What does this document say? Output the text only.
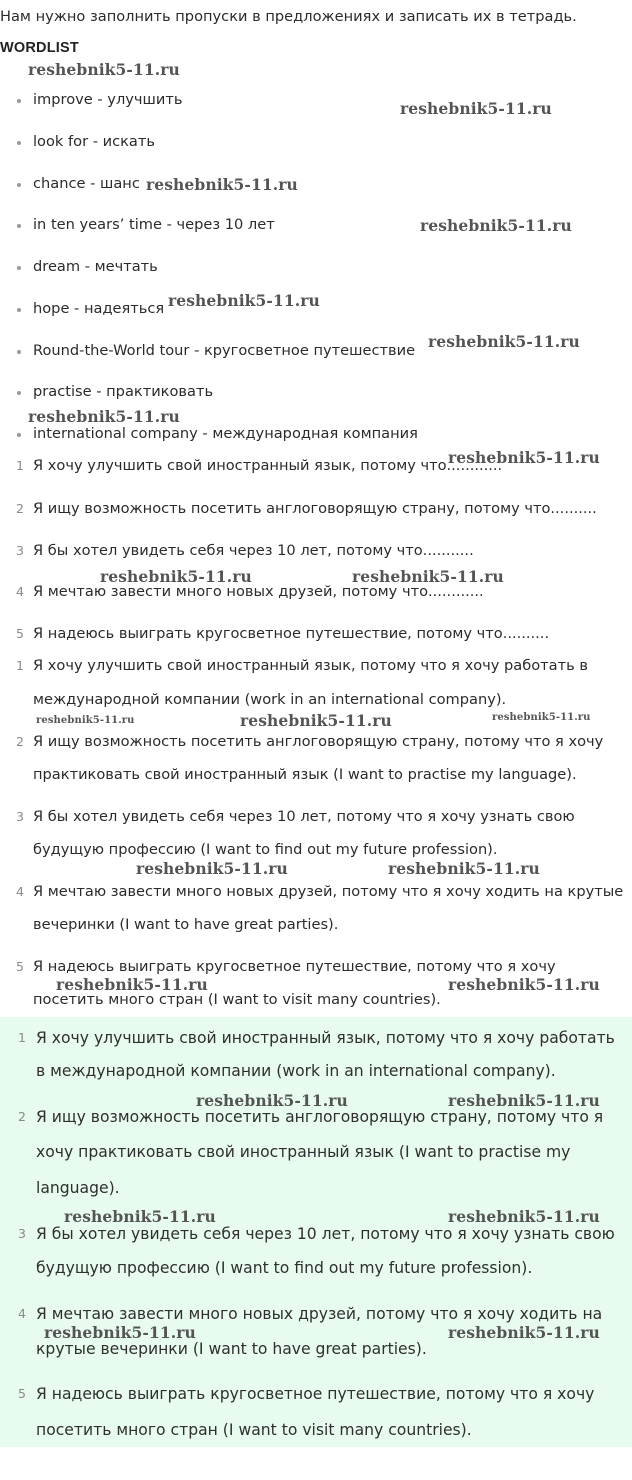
Нам нужно заполнить пропуски в предложениях и записать их в тетрадь.
WORDLIST
improve - улучшить
look for - искать
chance - шанс
in ten years’ time - через 10 лет
dream - мечтать
hope - надеяться
Round-the-World tour - кругосветное путешествие
practise - практиковать
international company - международная компания
1 Я хочу улучшить свой иностранный язык, потому что............
2 Я ищу возможность посетить англоговорящую страну, потому что..........
3 Я бы хотел увидеть себя через 10 лет, потому что...........
4 Я мечтаю завести много новых друзей, потому что............
5 Я надеюсь выиграть кругосветное путешествие, потому что..........
1 Я хочу улучшить свой иностранный язык, потому что я хочу работать в
международной компании (work in an international company).
2 Я ищу возможность посетить англоговорящую страну, потому что я хочу
практиковать свой иностранный язык (I want to practise my language).
3 Я бы хотел увидеть себя через 10 лет, потому что я хочу узнать свою
будущую профессию (I want to find out my future profession).
4 Я мечтаю завести много новых друзей, потому что я хочу ходить на крутые
вечеринки (I want to have great parties).
5 Я надеюсь выиграть кругосветное путешествие, потому что я хочу
посетить много стран (I want to visit many countries).
1 Я хочу улучшить свой иностранный язык, потому что я хочу работать
в международной компании (work in an international company).
2 Я ищу возможность посетить англоговорящую страну, потому что я
хочу практиковать свой иностранный язык (I want to practise my
language).
3 Я бы хотел увидеть себя через 10 лет, потому что я хочу узнать свою
будущую профессию (I want to find out my future profession).
4 Я мечтаю завести много новых друзей, потому что я хочу ходить на
крутые вечеринки (I want to have great parties).
5 Я надеюсь выиграть кругосветное путешествие, потому что я хочу
посетить много стран (I want to visit many countries).
reshebnik5-11.ru
reshebnik5-11.ru
reshebnik5-11.ru
reshebnik5-11.ru
reshebnik5-11.ru
reshebnik5-11.ru
reshebnik5-11.ru
reshebnik5-11.ru
reshebnik5-11.ru	reshebnik5-11.ru
reshebnik5-11.ru	reshebnik5-11.ru	reshebnik5-11.ru
reshebnik5-11.ru	reshebnik5-11.ru
reshebnik5-11.ru	reshebnik5-11.ru
reshebnik5-11.ru	reshebnik5-11.ru
reshebnik5-11.ru	reshebnik5-11.ru
reshebnik5-11.ru	reshebnik5-11.ru
